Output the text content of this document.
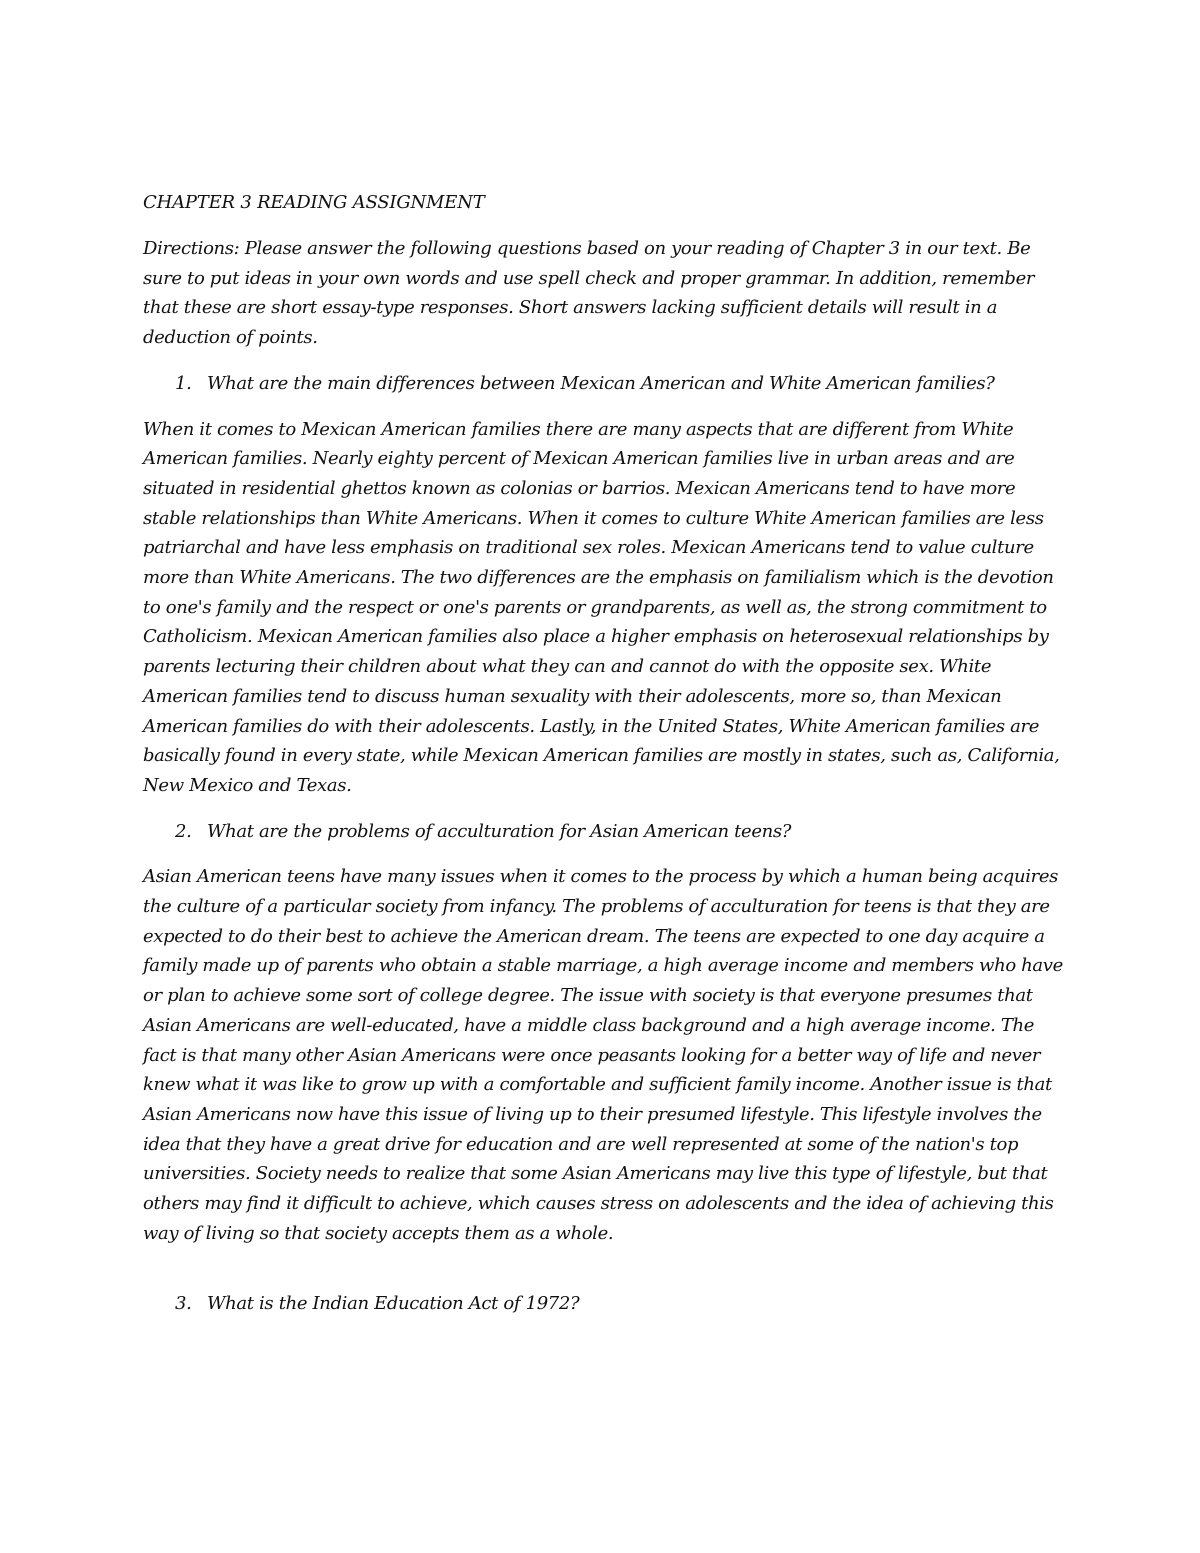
CHAPTER 3 READING ASSIGNMENT
Directions: Please answer the following questions based on your reading of Chapter 3 in our text. Be sure to put ideas in your own words and use spell check and proper grammar. In addition, remember that these are short essay-type responses. Short answers lacking sufficient details will result in a deduction of points.
1. What are the main differences between Mexican American and White American families?
When it comes to Mexican American families there are many aspects that are different from White American families. Nearly eighty percent of Mexican American families live in urban areas and are situated in residential ghettos known as colonias or barrios. Mexican Americans tend to have more stable relationships than White Americans. When it comes to culture White American families are less patriarchal and have less emphasis on traditional sex roles. Mexican Americans tend to value culture more than White Americans. The two differences are the emphasis on familialism which is the devotion to one's family and the respect or one's parents or grandparents, as well as, the strong commitment to Catholicism. Mexican American families also place a higher emphasis on heterosexual relationships by parents lecturing their children about what they can and cannot do with the opposite sex. White American families tend to discuss human sexuality with their adolescents, more so, than Mexican American families do with their adolescents. Lastly, in the United States, White American families are basically found in every state, while Mexican American families are mostly in states, such as, California, New Mexico and Texas.
2. What are the problems of acculturation for Asian American teens?
Asian American teens have many issues when it comes to the process by which a human being acquires the culture of a particular society from infancy. The problems of acculturation for teens is that they are expected to do their best to achieve the American dream. The teens are expected to one day acquire a family made up of parents who obtain a stable marriage, a high average income and members who have or plan to achieve some sort of college degree. The issue with society is that everyone presumes that Asian Americans are well-educated, have a middle class background and a high average income. The fact is that many other Asian Americans were once peasants looking for a better way of life and never knew what it was like to grow up with a comfortable and sufficient family income. Another issue is that Asian Americans now have this issue of living up to their presumed lifestyle. This lifestyle involves the idea that they have a great drive for education and are well represented at some of the nation's top universities. Society needs to realize that some Asian Americans may live this type of lifestyle, but that others may find it difficult to achieve, which causes stress on adolescents and the idea of achieving this way of living so that society accepts them as a whole.
3. What is the Indian Education Act of 1972?
